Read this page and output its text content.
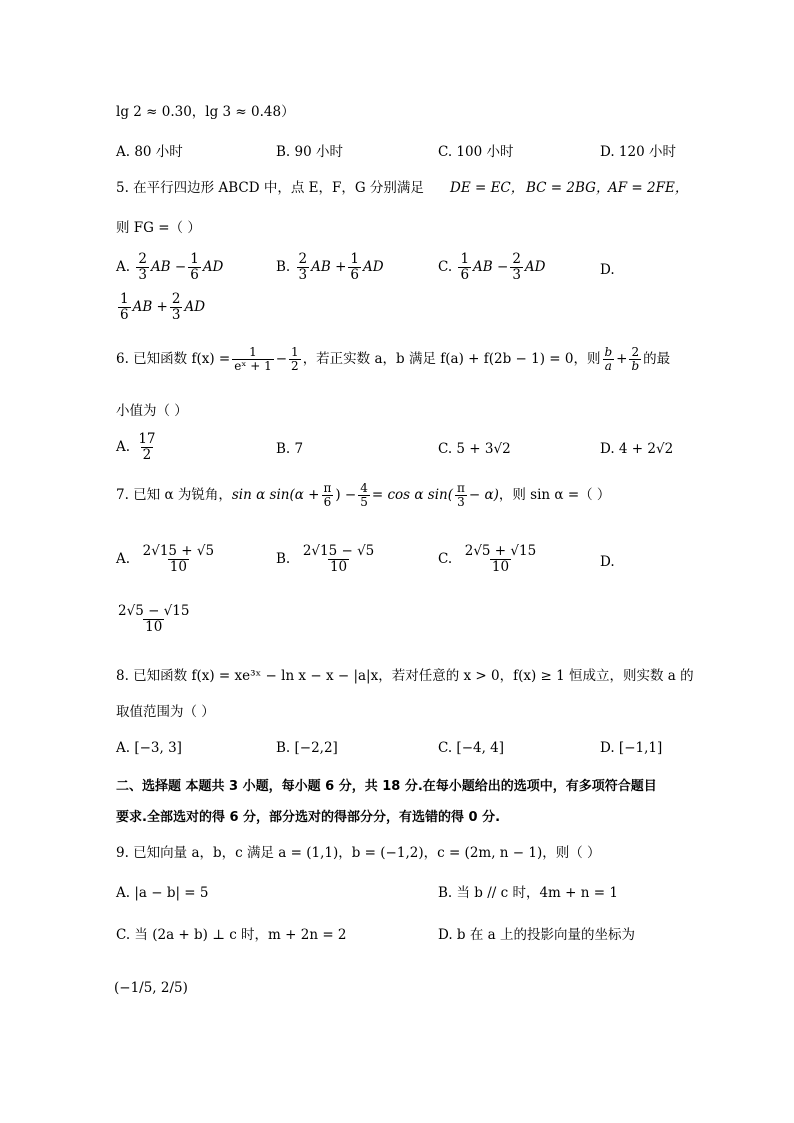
lg 2 ≈ 0.30，lg 3 ≈ 0.48）
A. 80 小时	B. 90 小时	C. 100 小时	D. 120 小时
5. 在平行四边形 ABCD 中，点 E，F，G 分别满足 DE = EC， BC = 2BG，
AF = 2FE，
则 FG =（ ）
A.
$\frac{2}{3}$ AB − $\frac{1}{6}$ AD	B.
$\frac{2}{3}$ AB + $\frac{1}{6}$ AD	C.
$\frac{1}{6}$ AB − $\frac{2}{3}$ AD	D.
$\frac{1}{6}$ AB + $\frac{2}{3}$ AD
6. 已知函数 $f(x) = \frac{1}{\text{eˣ + 1}} - \frac{1}{2}$ ，若正实数 a，b 满足 f(a) + f(2b − 1) = 0，则 $\frac{b}{a} + \frac{2}{b}$ 的最
小值为（ ）
A.
$\frac{17}{2}$	B. 7	C. 5 + 3√2	D. 4 + 2√2
7. 已知 α 为锐角， sin α $\sin(\alpha + \frac{\pi}{6}$ ) − $\frac{4}{5} = \cos \alpha$ $\sin( \frac{\pi}{3} - \alpha)$ ，则 sin α =（ ）
A.
$\frac{2√15 + √5}{10}$	B.
$\frac{2√15 - √5}{10}$	C.
$\frac{2√5 + √15}{10}$	D.
$\frac{2√5 - √15}{10}$
8. 已知函数 f(x) = xe³ˣ − ln x − x − |a|x，若对任意的 x > 0，f(x) ≥ 1 恒成立，则实数 a 的
取值范围为（ ）
A. [−3, 3]	B. [−2,2]	C. [−4, 4]	D. [−1,1]
二、选择题 本题共 3 小题，每小题 6 分，共 18 分.在每小题给出的选项中，有多项符合题目
要求.全部选对的得 6 分，部分选对的得部分分，有选错的得 0 分.
9. 已知向量 a，b，c 满足 a = (1,1)，b = (−1,2)，c = (2m, n − 1)，则（ ）
A. |a − b| = 5	B. 当 b // c 时，4m + n = 1
C. 当 (2a + b) ⊥ c 时，m + 2n = 2	D. b 在 a 上的投影向量的坐标为
(−1/5, 2/5)
